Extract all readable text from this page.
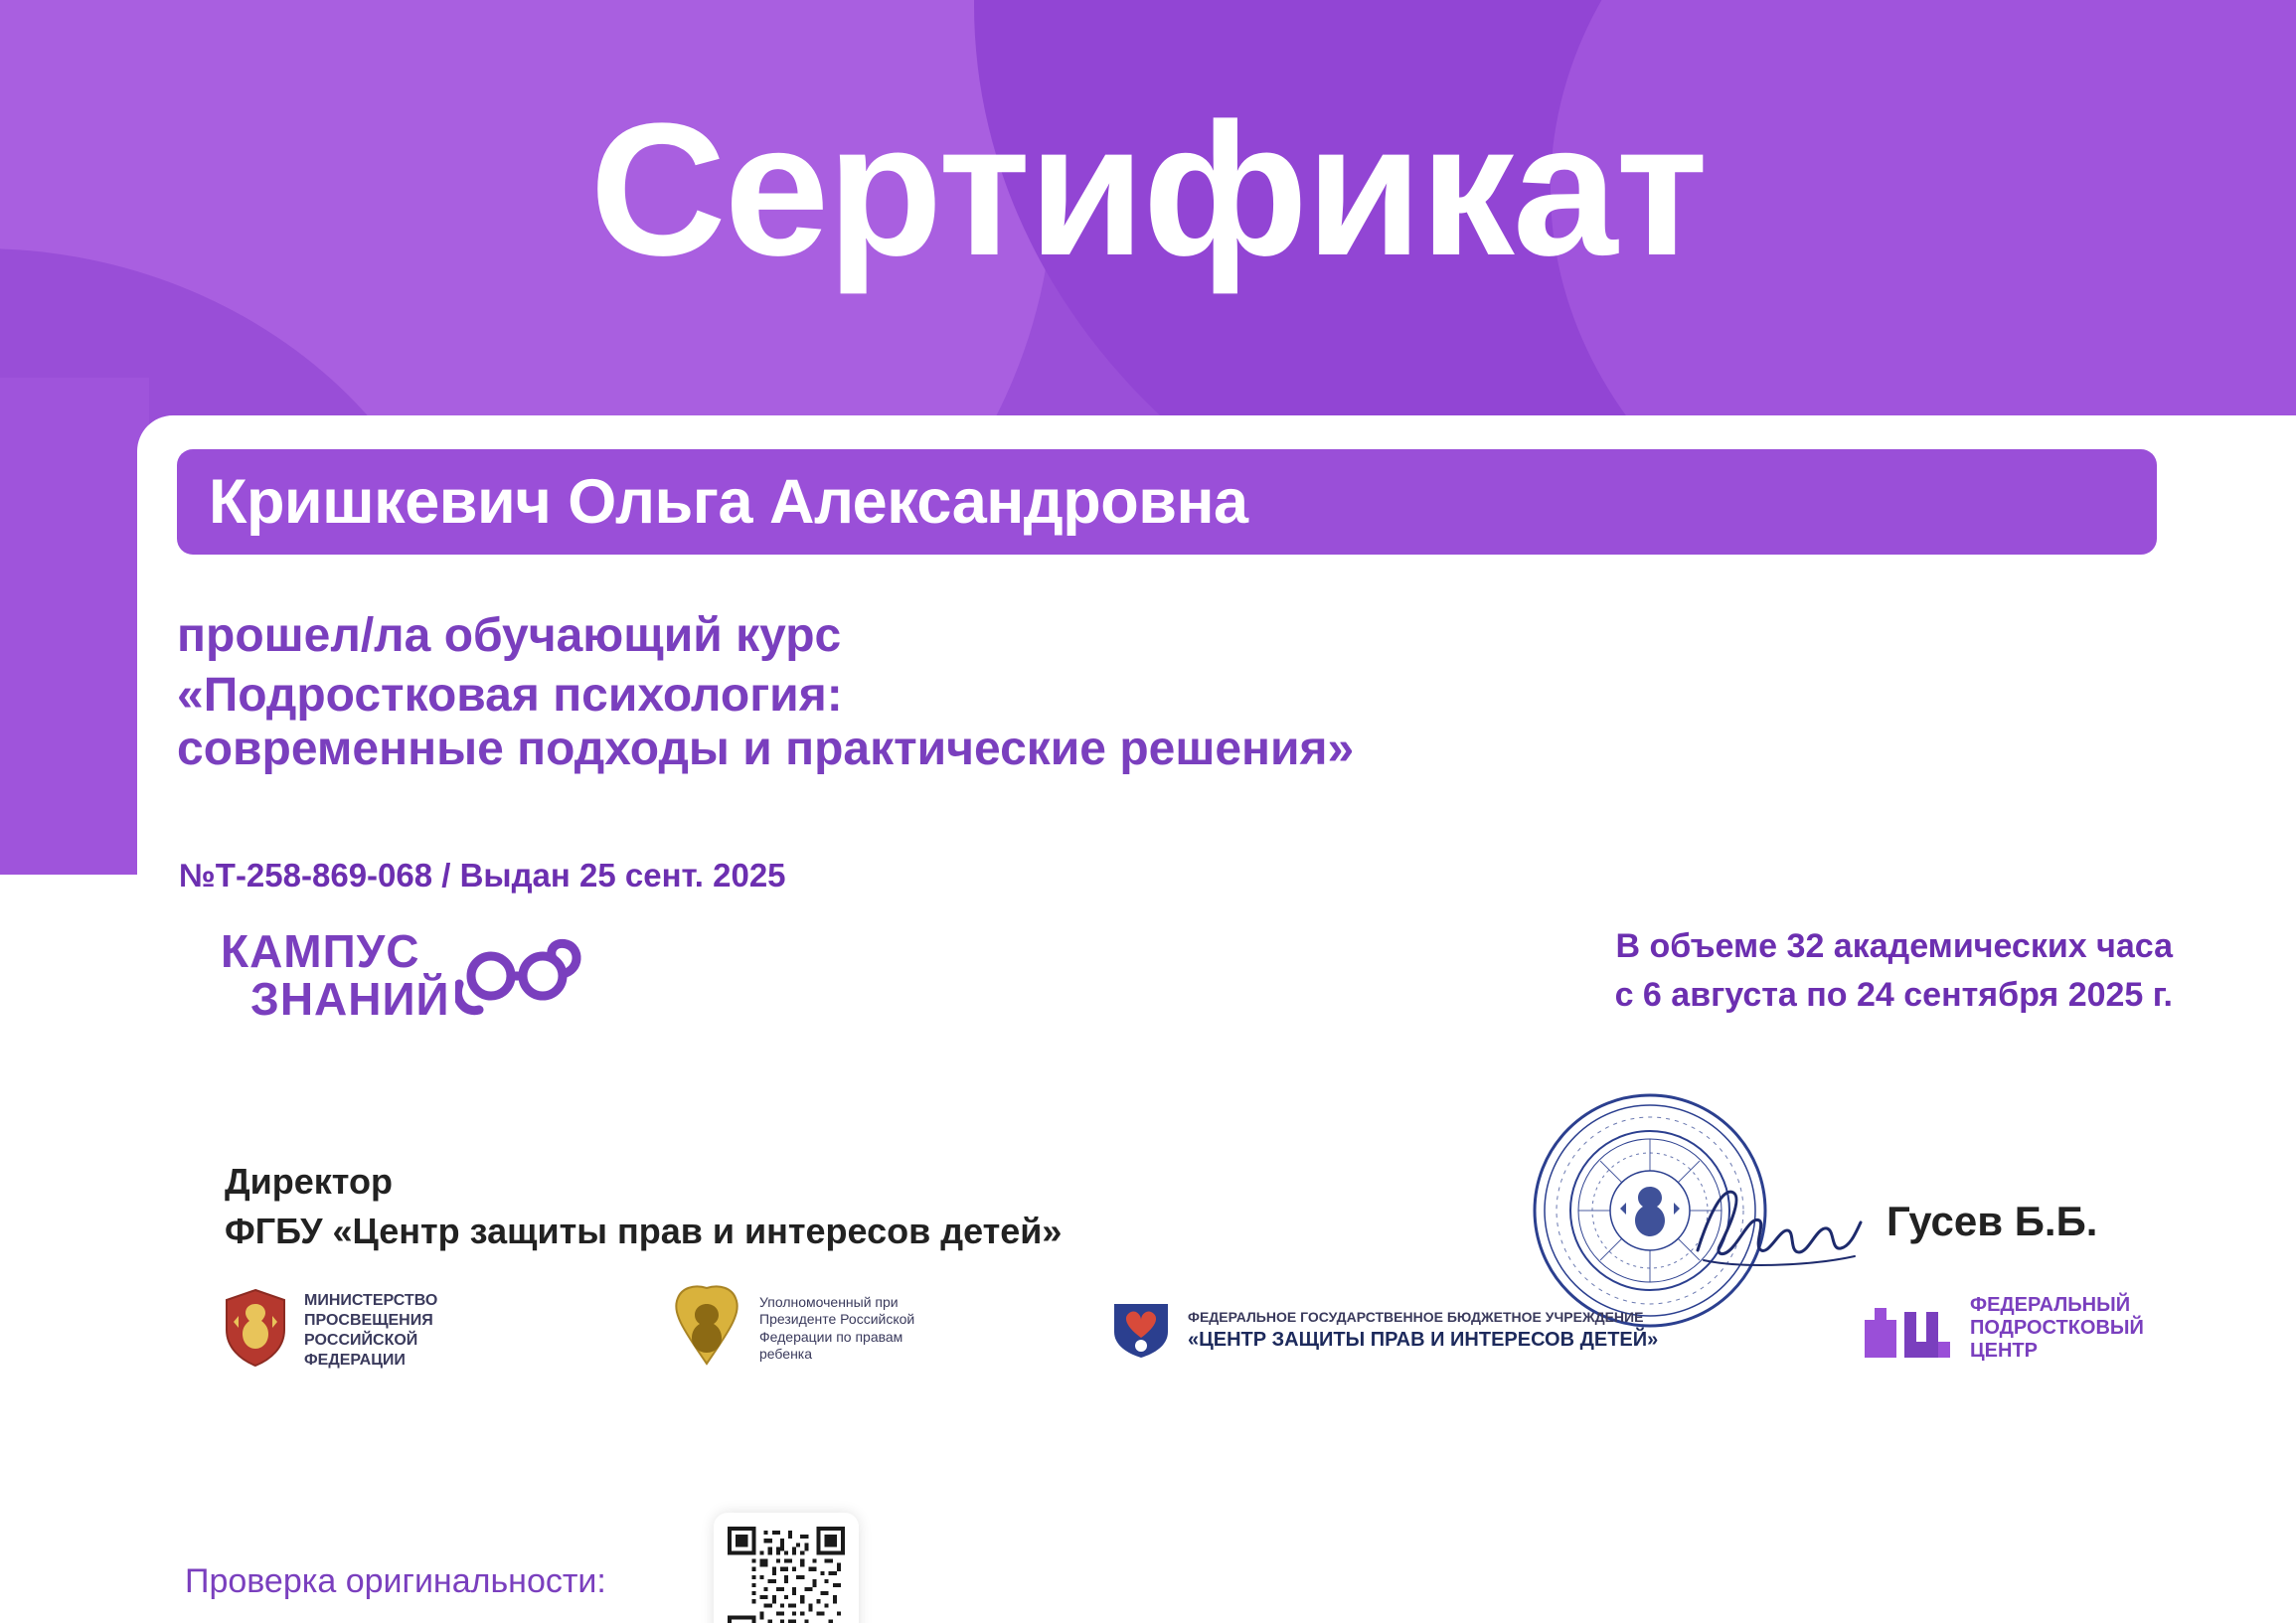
Сертификат
Кришкевич Ольга Александровна
прошел/ла обучающий курс
«Подростковая психология:
современные подходы и практические решения»
№Т-258-869-068 / Выдан 25 сент. 2025
КАМПУС
ЗНАНИЙ
В объеме 32 академических часа
с 6 августа по 24 сентября 2025 г.
Директор
ФГБУ «Центр защиты прав и интересов детей»	Гусев Б.Б.
МИНИСТЕРСТВО
ПРОСВЕЩЕНИЯ
РОССИЙСКОЙ
ФЕДЕРАЦИИ
Уполномоченный при
Президенте Российской
Федерации по правам
ребенка
ФЕДЕРАЛЬНОЕ ГОСУДАРСТВЕННОЕ БЮДЖЕТНОЕ УЧРЕЖДЕНИЕ
«ЦЕНТР ЗАЩИТЫ ПРАВ И ИНТЕРЕСОВ ДЕТЕЙ»
ФЕДЕРАЛЬНЫЙ
ПОДРОСТКОВЫЙ
ЦЕНТР
Проверка оригинальности:
